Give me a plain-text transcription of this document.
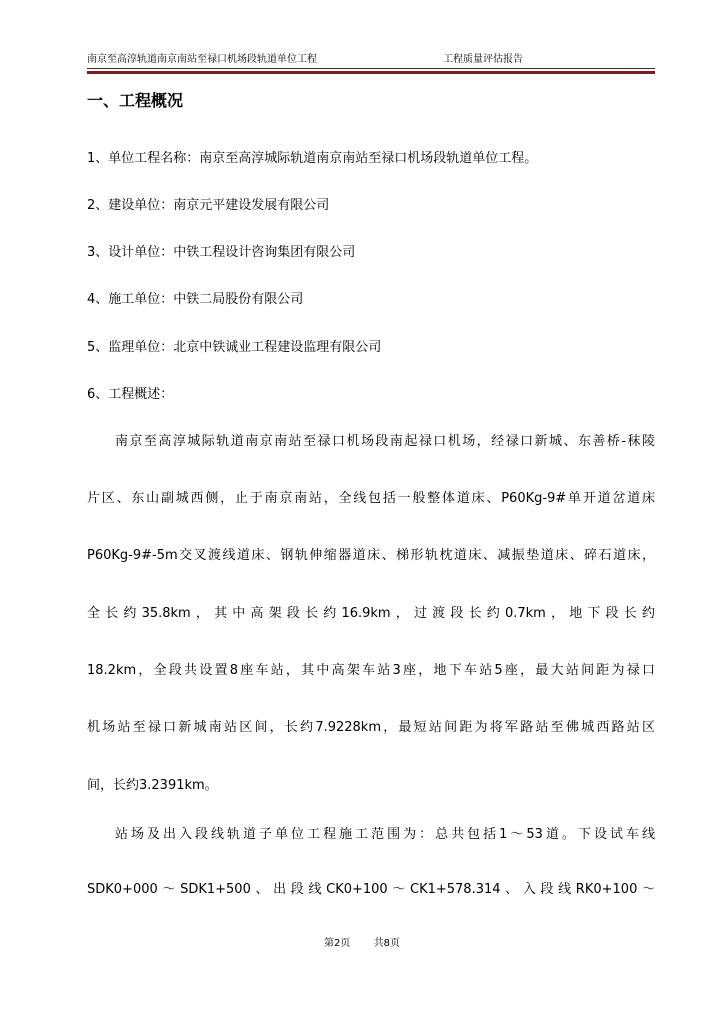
南京至高淳轨道南京南站至禄口机场段轨道单位工程	工程质量评估报告
一、工程概况
1、单位工程名称：南京至高淳城际轨道南京南站至禄口机场段轨道单位工程。
2、建设单位：南京元平建设发展有限公司
3、设计单位：中铁工程设计咨询集团有限公司
4、施工单位：中铁二局股份有限公司
5、监理单位：北京中铁诚业工程建设监理有限公司
6、工程概述：
南京至高淳城际轨道南京南站至禄口机场段南起禄口机场，经禄口新城、东善桥-秣陵
片区、东山副城西侧，止于南京南站，全线包括一般整体道床、P60Kg-9#单开道岔道床
P60Kg-9#-5m交叉渡线道床、钢轨伸缩器道床、梯形轨枕道床、减振垫道床、碎石道床，
全长约35.8km，其中高架段长约16.9km，过渡段长约0.7km，地下段长约
18.2km，全段共设置8座车站，其中高架车站3座，地下车站5座，最大站间距为禄口
机场站至禄口新城南站区间，长约7.9228km，最短站间距为将军路站至佛城西路站区
间，长约3.2391km。
站场及出入段线轨道子单位工程施工范围为：总共包括1～53道。下设试车线
SDK0+000～SDK1+500、出段线CK0+100～CK1+578.314、入段线RK0+100～
第2页 共8页
